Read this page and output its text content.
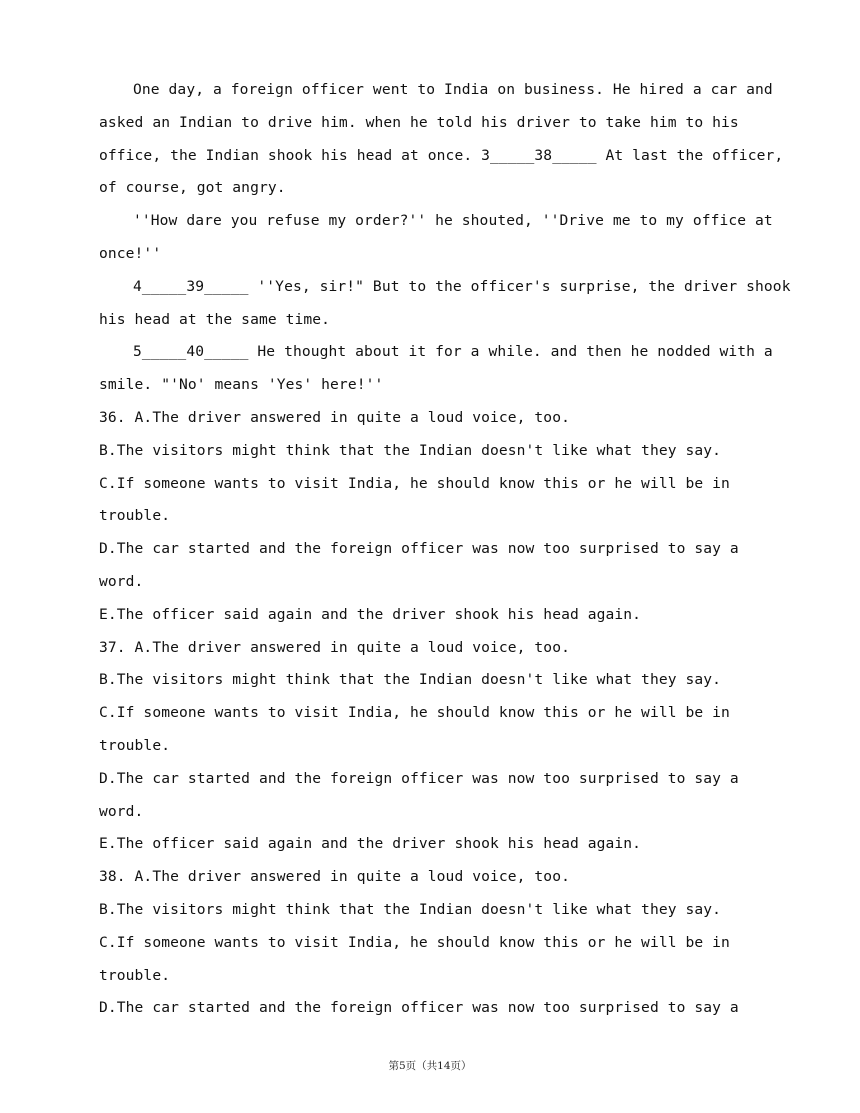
One day, a foreign officer went to India on business. He hired a car and
asked an Indian to drive him. when he told his driver to take him to his
office, the Indian shook his head at once. 3_____38_____ At last the officer,
of course, got angry.
''How dare you refuse my order?'' he shouted, ''Drive me to my office at
once!''
4_____39_____ ''Yes, sir!" But to the officer's surprise, the driver shook
his head at the same time.
5_____40_____ He thought about it for a while. and then he nodded with a
smile. "'No' means 'Yes' here!''
36. A.The driver answered in quite a loud voice, too.
B.The visitors might think that the Indian doesn't like what they say.
C.If someone wants to visit India, he should know this or he will be in
trouble.
D.The car started and the foreign officer was now too surprised to say a
word.
E.The officer said again and the driver shook his head again.
37. A.The driver answered in quite a loud voice, too.
B.The visitors might think that the Indian doesn't like what they say.
C.If someone wants to visit India, he should know this or he will be in
trouble.
D.The car started and the foreign officer was now too surprised to say a
word.
E.The officer said again and the driver shook his head again.
38. A.The driver answered in quite a loud voice, too.
B.The visitors might think that the Indian doesn't like what they say.
C.If someone wants to visit India, he should know this or he will be in
trouble.
D.The car started and the foreign officer was now too surprised to say a
第5页（共14页）
